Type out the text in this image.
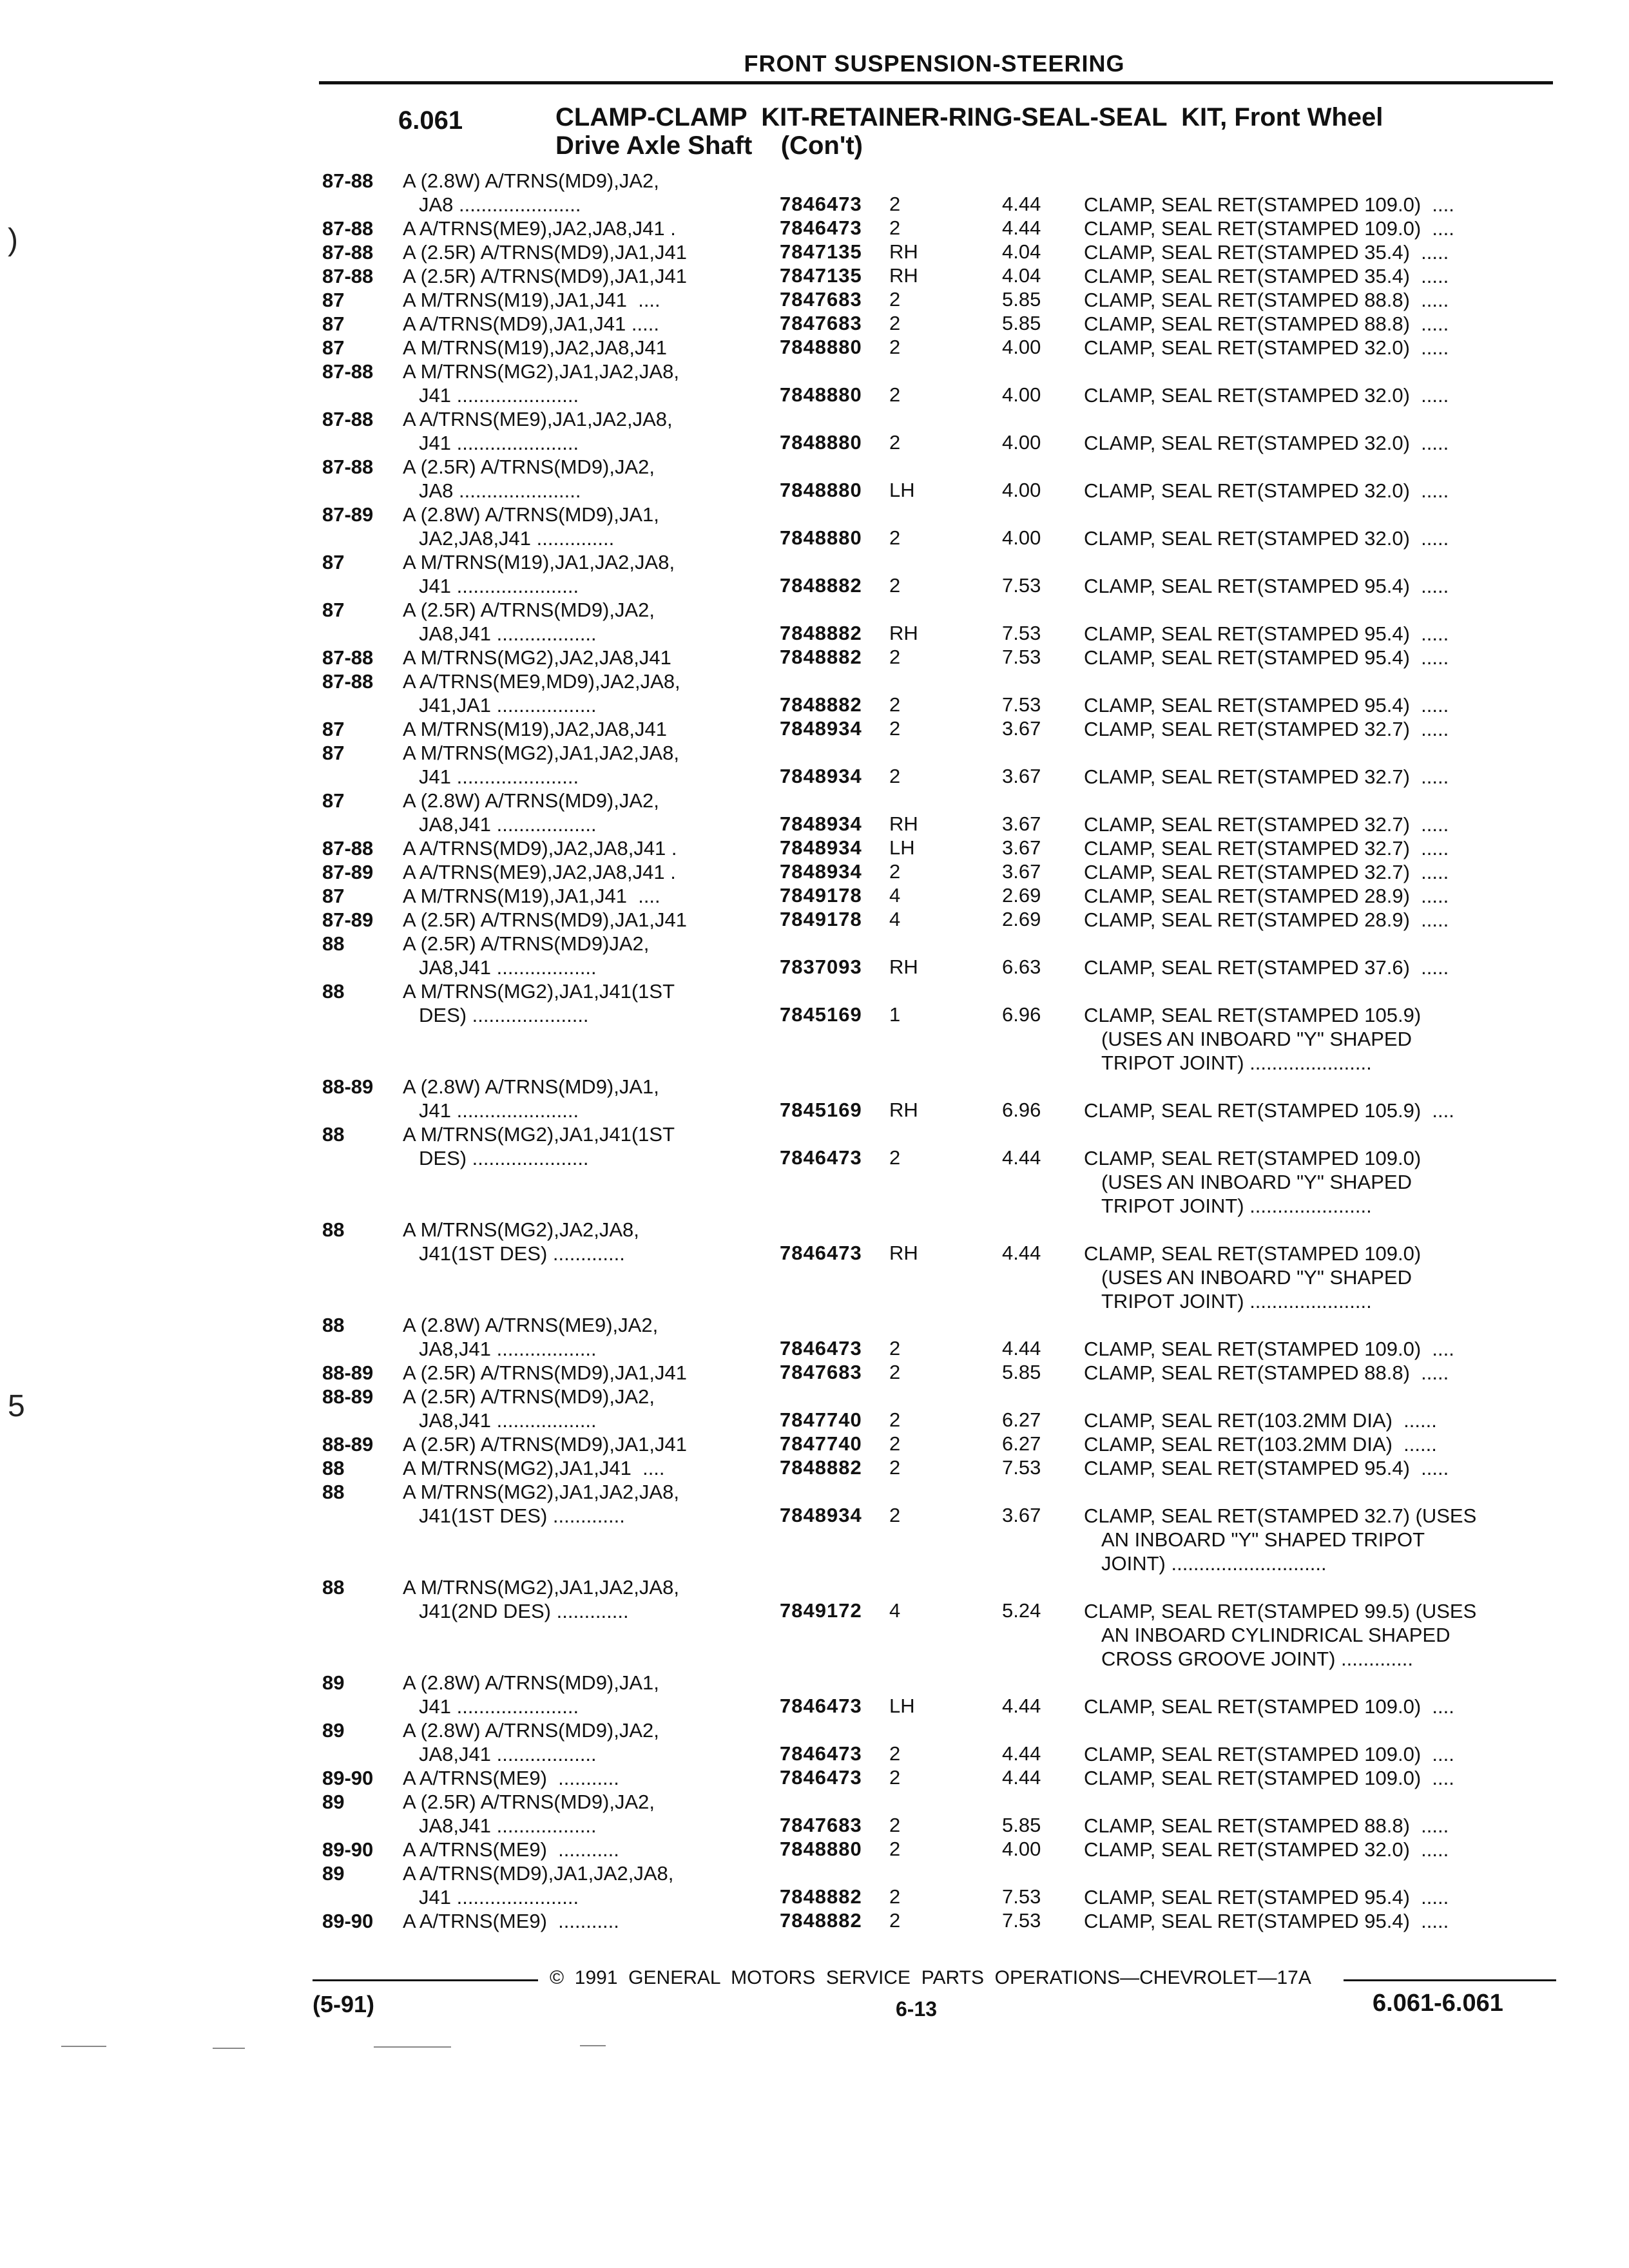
FRONT SUSPENSION-STEERING
6.061	CLAMP-CLAMP  KIT-RETAINER-RING-SEAL-SEAL  KIT, Front Wheel
Drive Axle Shaft    (Con't)
)
5
87-88 A (2.8W) A/TRNS(MD9),JA2,
JA8 ......................	7846473 2	4.44 CLAMP, SEAL RET(STAMPED 109.0)  ....
87-88 A A/TRNS(ME9),JA2,JA8,J41 .	7846473 2	4.44 CLAMP, SEAL RET(STAMPED 109.0)  ....
87-88 A (2.5R) A/TRNS(MD9),JA1,J41	7847135 RH	4.04 CLAMP, SEAL RET(STAMPED 35.4)  .....
87-88 A (2.5R) A/TRNS(MD9),JA1,J41	7847135 RH	4.04 CLAMP, SEAL RET(STAMPED 35.4)  .....
87	A M/TRNS(M19),JA1,J41  ....	7847683 2	5.85 CLAMP, SEAL RET(STAMPED 88.8)  .....
87	A A/TRNS(MD9),JA1,J41 .....	7847683 2	5.85 CLAMP, SEAL RET(STAMPED 88.8)  .....
87	A M/TRNS(M19),JA2,JA8,J41	7848880 2	4.00 CLAMP, SEAL RET(STAMPED 32.0)  .....
87-88 A M/TRNS(MG2),JA1,JA2,JA8,
J41 ......................	7848880 2	4.00 CLAMP, SEAL RET(STAMPED 32.0)  .....
87-88 A A/TRNS(ME9),JA1,JA2,JA8,
J41 ......................	7848880 2	4.00 CLAMP, SEAL RET(STAMPED 32.0)  .....
87-88 A (2.5R) A/TRNS(MD9),JA2,
JA8 ......................	7848880 LH	4.00 CLAMP, SEAL RET(STAMPED 32.0)  .....
87-89 A (2.8W) A/TRNS(MD9),JA1,
JA2,JA8,J41 ..............	7848880 2	4.00 CLAMP, SEAL RET(STAMPED 32.0)  .....
87	A M/TRNS(M19),JA1,JA2,JA8,
J41 ......................	7848882 2	7.53 CLAMP, SEAL RET(STAMPED 95.4)  .....
87	A (2.5R) A/TRNS(MD9),JA2,
JA8,J41 ..................	7848882 RH	7.53 CLAMP, SEAL RET(STAMPED 95.4)  .....
87-88 A M/TRNS(MG2),JA2,JA8,J41	7848882 2	7.53 CLAMP, SEAL RET(STAMPED 95.4)  .....
87-88 A A/TRNS(ME9,MD9),JA2,JA8,
J41,JA1 ..................	7848882 2	7.53 CLAMP, SEAL RET(STAMPED 95.4)  .....
87	A M/TRNS(M19),JA2,JA8,J41	7848934 2	3.67 CLAMP, SEAL RET(STAMPED 32.7)  .....
87	A M/TRNS(MG2),JA1,JA2,JA8,
J41 ......................	7848934 2	3.67 CLAMP, SEAL RET(STAMPED 32.7)  .....
87	A (2.8W) A/TRNS(MD9),JA2,
JA8,J41 ..................	7848934 RH	3.67 CLAMP, SEAL RET(STAMPED 32.7)  .....
87-88 A A/TRNS(MD9),JA2,JA8,J41 .	7848934 LH	3.67 CLAMP, SEAL RET(STAMPED 32.7)  .....
87-89 A A/TRNS(ME9),JA2,JA8,J41 .	7848934 2	3.67 CLAMP, SEAL RET(STAMPED 32.7)  .....
87	A M/TRNS(M19),JA1,J41  ....	7849178 4	2.69 CLAMP, SEAL RET(STAMPED 28.9)  .....
87-89 A (2.5R) A/TRNS(MD9),JA1,J41	7849178 4	2.69 CLAMP, SEAL RET(STAMPED 28.9)  .....
88	A (2.5R) A/TRNS(MD9)JA2,
JA8,J41 ..................	7837093 RH	6.63 CLAMP, SEAL RET(STAMPED 37.6)  .....
88	A M/TRNS(MG2),JA1,J41(1ST
DES) .....................	7845169 1	6.96 CLAMP, SEAL RET(STAMPED 105.9)
(USES AN INBOARD "Y" SHAPED
TRIPOT JOINT) ......................
88-89 A (2.8W) A/TRNS(MD9),JA1,
J41 ......................	7845169 RH	6.96 CLAMP, SEAL RET(STAMPED 105.9)  ....
88	A M/TRNS(MG2),JA1,J41(1ST
DES) .....................	7846473 2	4.44 CLAMP, SEAL RET(STAMPED 109.0)
(USES AN INBOARD "Y" SHAPED
TRIPOT JOINT) ......................
88	A M/TRNS(MG2),JA2,JA8,
J41(1ST DES) .............	7846473 RH	4.44 CLAMP, SEAL RET(STAMPED 109.0)
(USES AN INBOARD "Y" SHAPED
TRIPOT JOINT) ......................
88	A (2.8W) A/TRNS(ME9),JA2,
JA8,J41 ..................	7846473 2	4.44 CLAMP, SEAL RET(STAMPED 109.0)  ....
88-89 A (2.5R) A/TRNS(MD9),JA1,J41	7847683 2	5.85 CLAMP, SEAL RET(STAMPED 88.8)  .....
88-89 A (2.5R) A/TRNS(MD9),JA2,
JA8,J41 ..................	7847740 2	6.27 CLAMP, SEAL RET(103.2MM DIA)  ......
88-89 A (2.5R) A/TRNS(MD9),JA1,J41	7847740 2	6.27 CLAMP, SEAL RET(103.2MM DIA)  ......
88	A M/TRNS(MG2),JA1,J41  ....	7848882 2	7.53 CLAMP, SEAL RET(STAMPED 95.4)  .....
88	A M/TRNS(MG2),JA1,JA2,JA8,
J41(1ST DES) .............	7848934 2	3.67 CLAMP, SEAL RET(STAMPED 32.7) (USES
AN INBOARD "Y" SHAPED TRIPOT
JOINT) ............................
88	A M/TRNS(MG2),JA1,JA2,JA8,
J41(2ND DES) .............	7849172 4	5.24 CLAMP, SEAL RET(STAMPED 99.5) (USES
AN INBOARD CYLINDRICAL SHAPED
CROSS GROOVE JOINT) .............
89	A (2.8W) A/TRNS(MD9),JA1,
J41 ......................	7846473 LH	4.44 CLAMP, SEAL RET(STAMPED 109.0)  ....
89	A (2.8W) A/TRNS(MD9),JA2,
JA8,J41 ..................	7846473 2	4.44 CLAMP, SEAL RET(STAMPED 109.0)  ....
89-90 A A/TRNS(ME9)  ...........	7846473 2	4.44 CLAMP, SEAL RET(STAMPED 109.0)  ....
89	A (2.5R) A/TRNS(MD9),JA2,
JA8,J41 ..................	7847683 2	5.85 CLAMP, SEAL RET(STAMPED 88.8)  .....
89-90 A A/TRNS(ME9)  ...........	7848880 2	4.00 CLAMP, SEAL RET(STAMPED 32.0)  .....
89	A A/TRNS(MD9),JA1,JA2,JA8,
J41 ......................	7848882 2	7.53 CLAMP, SEAL RET(STAMPED 95.4)  .....
89-90 A A/TRNS(ME9)  ...........	7848882 2	7.53 CLAMP, SEAL RET(STAMPED 95.4)  .....
©  1991  GENERAL  MOTORS  SERVICE  PARTS  OPERATIONS—CHEVROLET—17A
(5-91)	6-13	6.061-6.061
